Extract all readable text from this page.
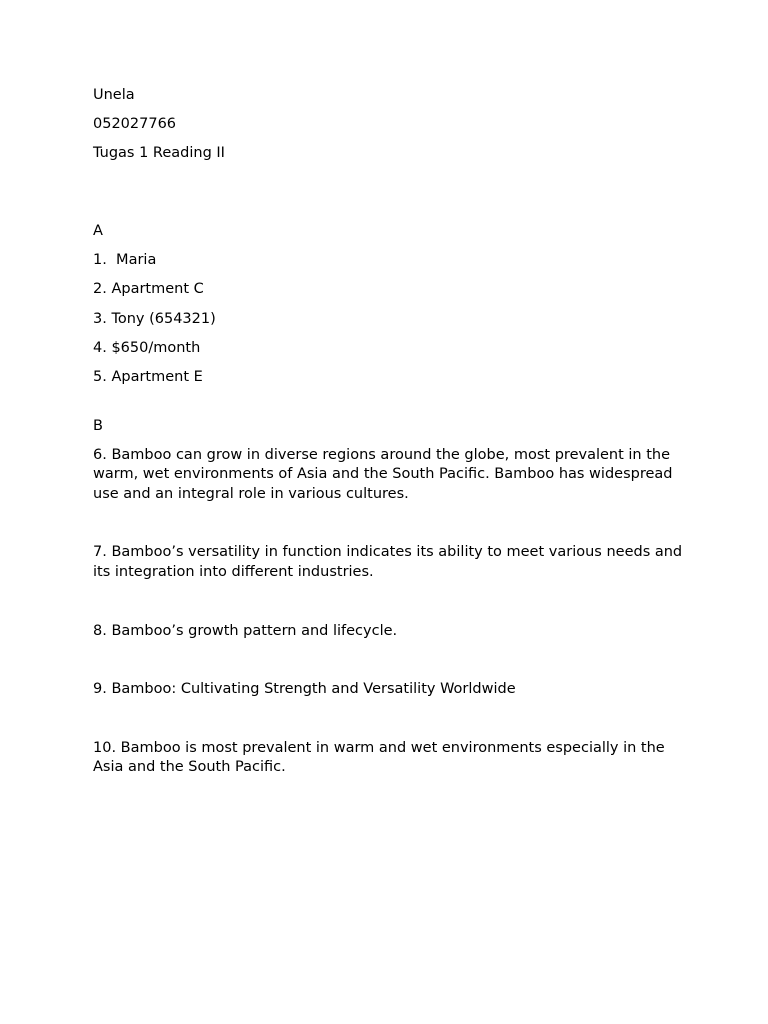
Unela
052027766
Tugas 1 Reading II
A
1.  Maria
2. Apartment C
3. Tony (654321)
4. $650/month
5. Apartment E
B
6. Bamboo can grow in diverse regions around the globe, most prevalent in the warm, wet environments of Asia and the South Pacific. Bamboo has widespread use and an integral role in various cultures.
7. Bamboo’s versatility in function indicates its ability to meet various needs and its integration into different industries.
8. Bamboo’s growth pattern and lifecycle.
9. Bamboo: Cultivating Strength and Versatility Worldwide
10. Bamboo is most prevalent in warm and wet environments especially in the Asia and the South Pacific.
